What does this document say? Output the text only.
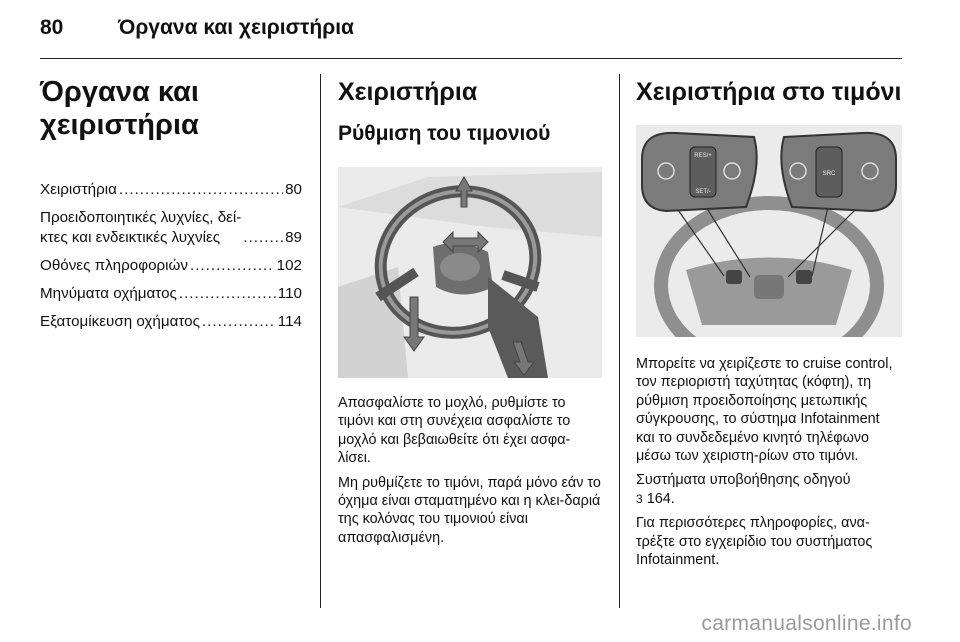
80	Όργανα και χειριστήρια
Όργανα και
χειριστήρια
Χειριστήρια .....	80
Προειδοποιητικές λυχνίες, δεί-
κτες και ενδεικτικές λυχνίες .....	89
Οθόνες πληροφοριών .....	102
Μηνύματα οχήματος .....	110
Εξατομίκευση οχήματος .....	114
Χειριστήρια
Ρύθμιση του τιμονιού

Απασφαλίστε το μοχλό, ρυθμίστε το τιμόνι και στη συνέχεια ασφαλίστε το μοχλό και βεβαιωθείτε ότι έχει ασφα-λίσει.

Μη ρυθμίζετε το τιμόνι, παρά μόνο εάν το όχημα είναι σταματημένο και η κλει-δαριά της κολόνας του τιμονιού είναι απασφαλισμένη.

Χειριστήρια στο τιμόνι
RES/+
SET/-
SRC

Μπορείτε να χειρίζεστε το cruise control, τον περιοριστή ταχύτητας (κόφτη), τη ρύθμιση προειδοποίησης μετωπικής σύγκρουσης, το σύστημα Infotainment και το συνδεδεμένο κινητό τηλέφωνο μέσω των χειριστη-ρίων στο τιμόνι.

Συστήματα υποβοήθησης οδηγού
3 164.

Για περισσότερες πληροφορίες, ανα-τρέξτε στο εγχειρίδιο του συστήματος Infotainment.

carmanualsonline.info
